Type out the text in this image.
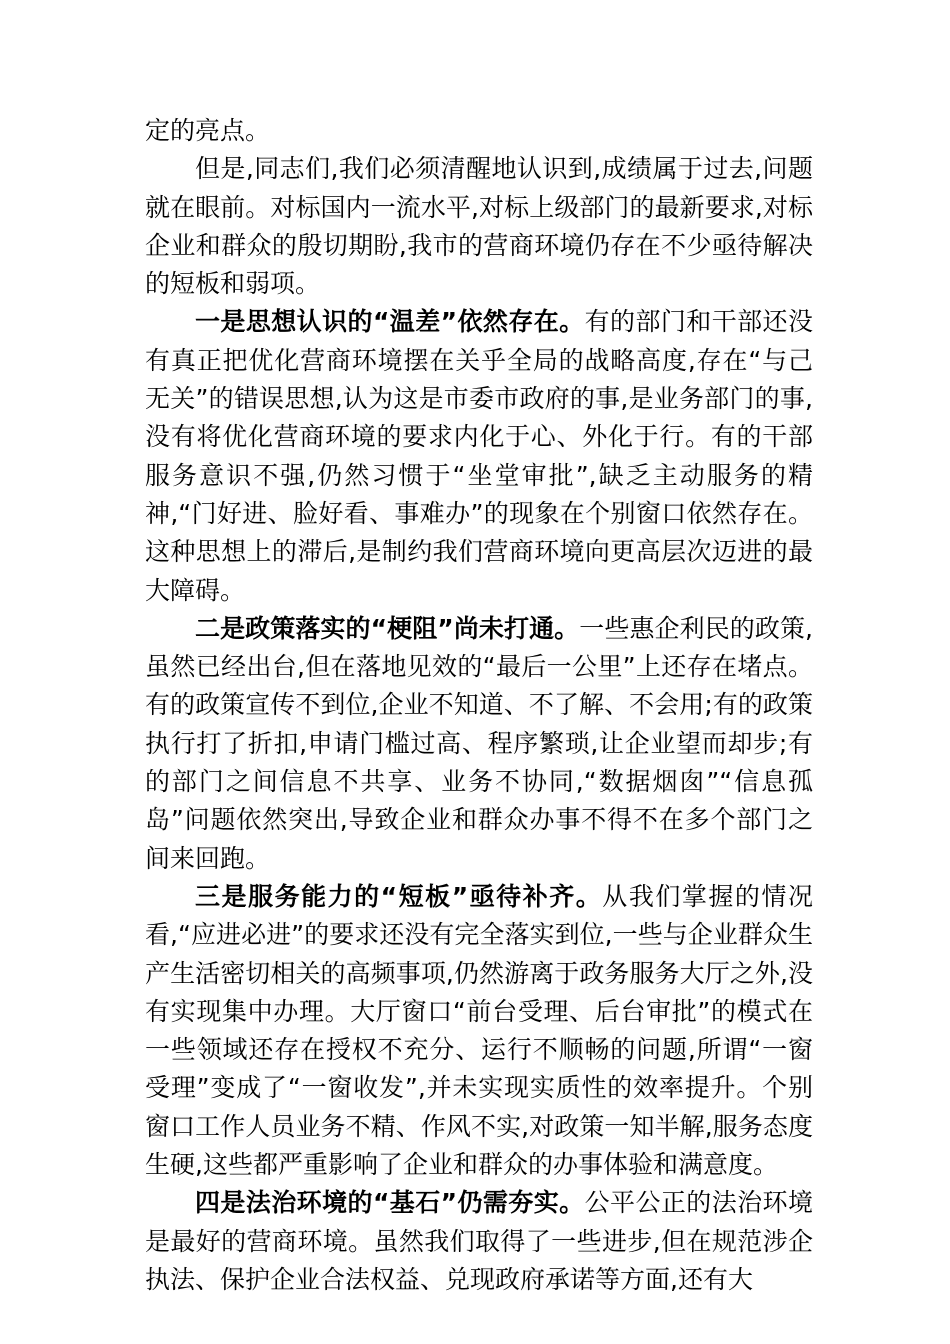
定的亮点。

但是,同志们,我们必须清醒地认识到,成绩属于过去,问题就在眼前。对标国内一流水平,对标上级部门的最新要求,对标企业和群众的殷切期盼,我市的营商环境仍存在不少亟待解决的短板和弱项。

一是思想认识的“温差”依然存在。有的部门和干部还没有真正把优化营商环境摆在关乎全局的战略高度,存在“与己无关”的错误思想,认为这是市委市政府的事,是业务部门的事,没有将优化营商环境的要求内化于心、外化于行。有的干部服务意识不强,仍然习惯于“坐堂审批”,缺乏主动服务的精神,“门好进、脸好看、事难办”的现象在个别窗口依然存在。这种思想上的滞后,是制约我们营商环境向更高层次迈进的最大障碍。

二是政策落实的“梗阻”尚未打通。一些惠企利民的政策,虽然已经出台,但在落地见效的“最后一公里”上还存在堵点。有的政策宣传不到位,企业不知道、不了解、不会用;有的政策执行打了折扣,申请门槛过高、程序繁琐,让企业望而却步;有的部门之间信息不共享、业务不协同,“数据烟囱”“信息孤岛”问题依然突出,导致企业和群众办事不得不在多个部门之间来回跑。

三是服务能力的“短板”亟待补齐。从我们掌握的情况看,“应进必进”的要求还没有完全落实到位,一些与企业群众生产生活密切相关的高频事项,仍然游离于政务服务大厅之外,没有实现集中办理。大厅窗口“前台受理、后台审批”的模式在一些领域还存在授权不充分、运行不顺畅的问题,所谓“一窗受理”变成了“一窗收发”,并未实现实质性的效率提升。个别窗口工作人员业务不精、作风不实,对政策一知半解,服务态度生硬,这些都严重影响了企业和群众的办事体验和满意度。

四是法治环境的“基石”仍需夯实。公平公正的法治环境是最好的营商环境。虽然我们取得了一些进步,但在规范涉企执法、保护企业合法权益、兑现政府承诺等方面,还有大
